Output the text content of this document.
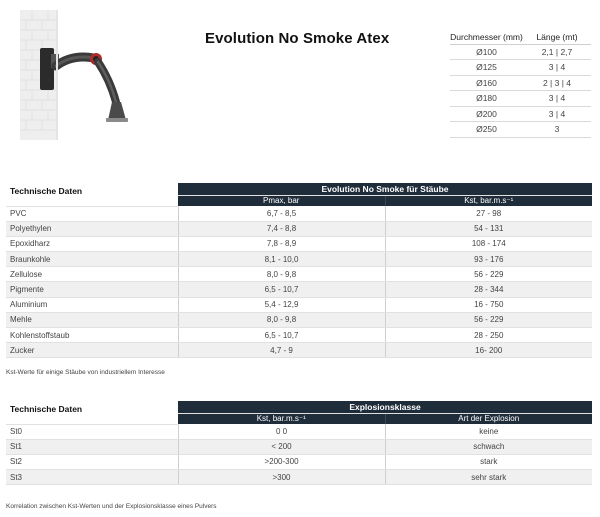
Evolution No Smoke Atex	Durchmesser (mm)	Länge (mt)
Ø100	2,1 | 2,7
Ø125	3 | 4
Ø160	2 | 3 | 4
Ø180	3 | 4
Ø200	3 | 4
Ø250	3
Technische Daten	Evolution No Smoke für Stäube	
	Pmax, bar	Kst, bar.m.s⁻¹
PVC	6,7 - 8,5	27 - 98
Polyethylen	7,4 - 8,8	54 - 131
Epoxidharz	7,8 - 8,9	108 - 174
Braunkohle	8,1 - 10,0	93 - 176
Zellulose	8,0 - 9,8	56 - 229
Pigmente	6,5 - 10,7	28 - 344
Aluminium	5,4 - 12,9	16 - 750
Mehle	8,0 - 9,8	56 - 229
Kohlenstoffstaub	6,5 - 10,7	28 - 250
Zucker	4,7 - 9	16- 200
Kst-Werte für einige Stäube von industriellem Interesse
Technische Daten	Explosionsklasse	
	Kst, bar.m.s⁻¹	Art der Explosion
St0	0 0	keine
St1	< 200	schwach
St2	>200-300	stark
St3	>300	sehr stark
Korrelation zwischen Kst-Werten und der Explosionsklasse eines Pulvers
